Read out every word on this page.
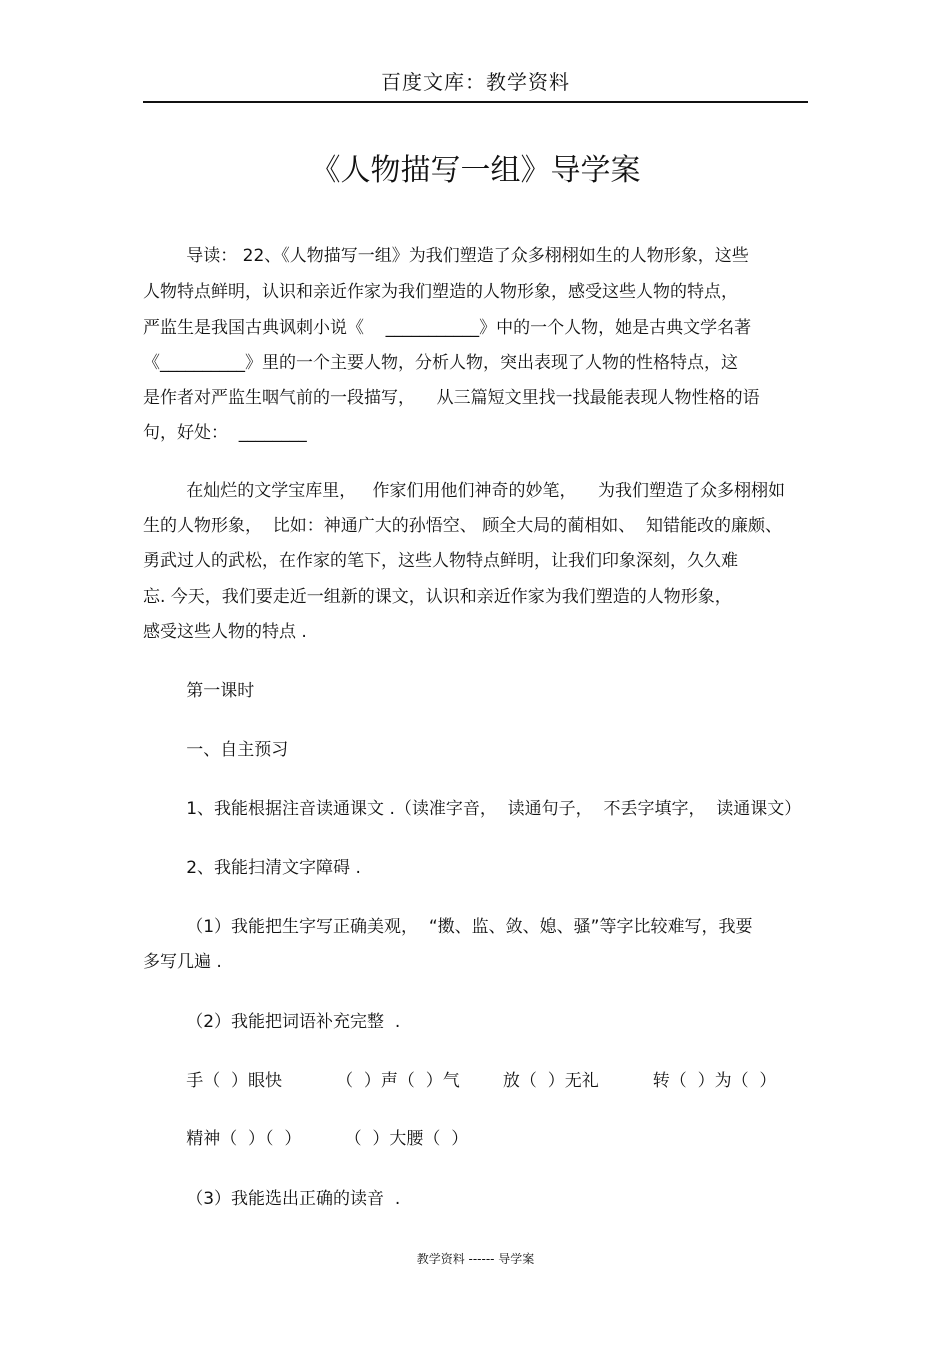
百度文库：教学资料
《人物描写一组》导学案
导读： 22、《人物描写一组》为我们塑造了众多栩栩如生的人物形象，这些
人物特点鲜明，认识和亲近作家为我们塑造的人物形象，感受这些人物的特点，
严监生是我国古典讽刺小说《    ___________》中的一个人物，她是古典文学名著
《__________》里的一个主要人物，分析人物，突出表现了人物的性格特点，这
是作者对严监生咽气前的一段描写，    从三篇短文里找一找最能表现人物性格的语
句，好处：  ________
在灿烂的文学宝库里，   作家们用他们神奇的妙笔，    为我们塑造了众多栩栩如
生的人物形象，  比如：神通广大的孙悟空、 顾全大局的蔺相如、  知错能改的廉颇、
勇武过人的武松，在作家的笔下，这些人物特点鲜明，让我们印象深刻，久久难
忘. 今天，我们要走近一组新的课文，认识和亲近作家为我们塑造的人物形象，
感受这些人物的特点 .
第一课时
一、自主预习
1、我能根据注音读通课文 .（读准字音，  读通句子，  不丢字填字，  读通课文）
2、我能扫清文字障碍 .
（1）我能把生字写正确美观，  “擞、监、敛、媳、骚”等字比较难写，我要
多写几遍 .
（2）我能把词语补充完整  .
手（  ）眼快          （  ）声（  ）气        放（  ）无礼          转（  ）为（  ）
精神（  ）（  ）        （  ）大腰（  ）
（3）我能选出正确的读音  .
教学资料 ------ 导学案
